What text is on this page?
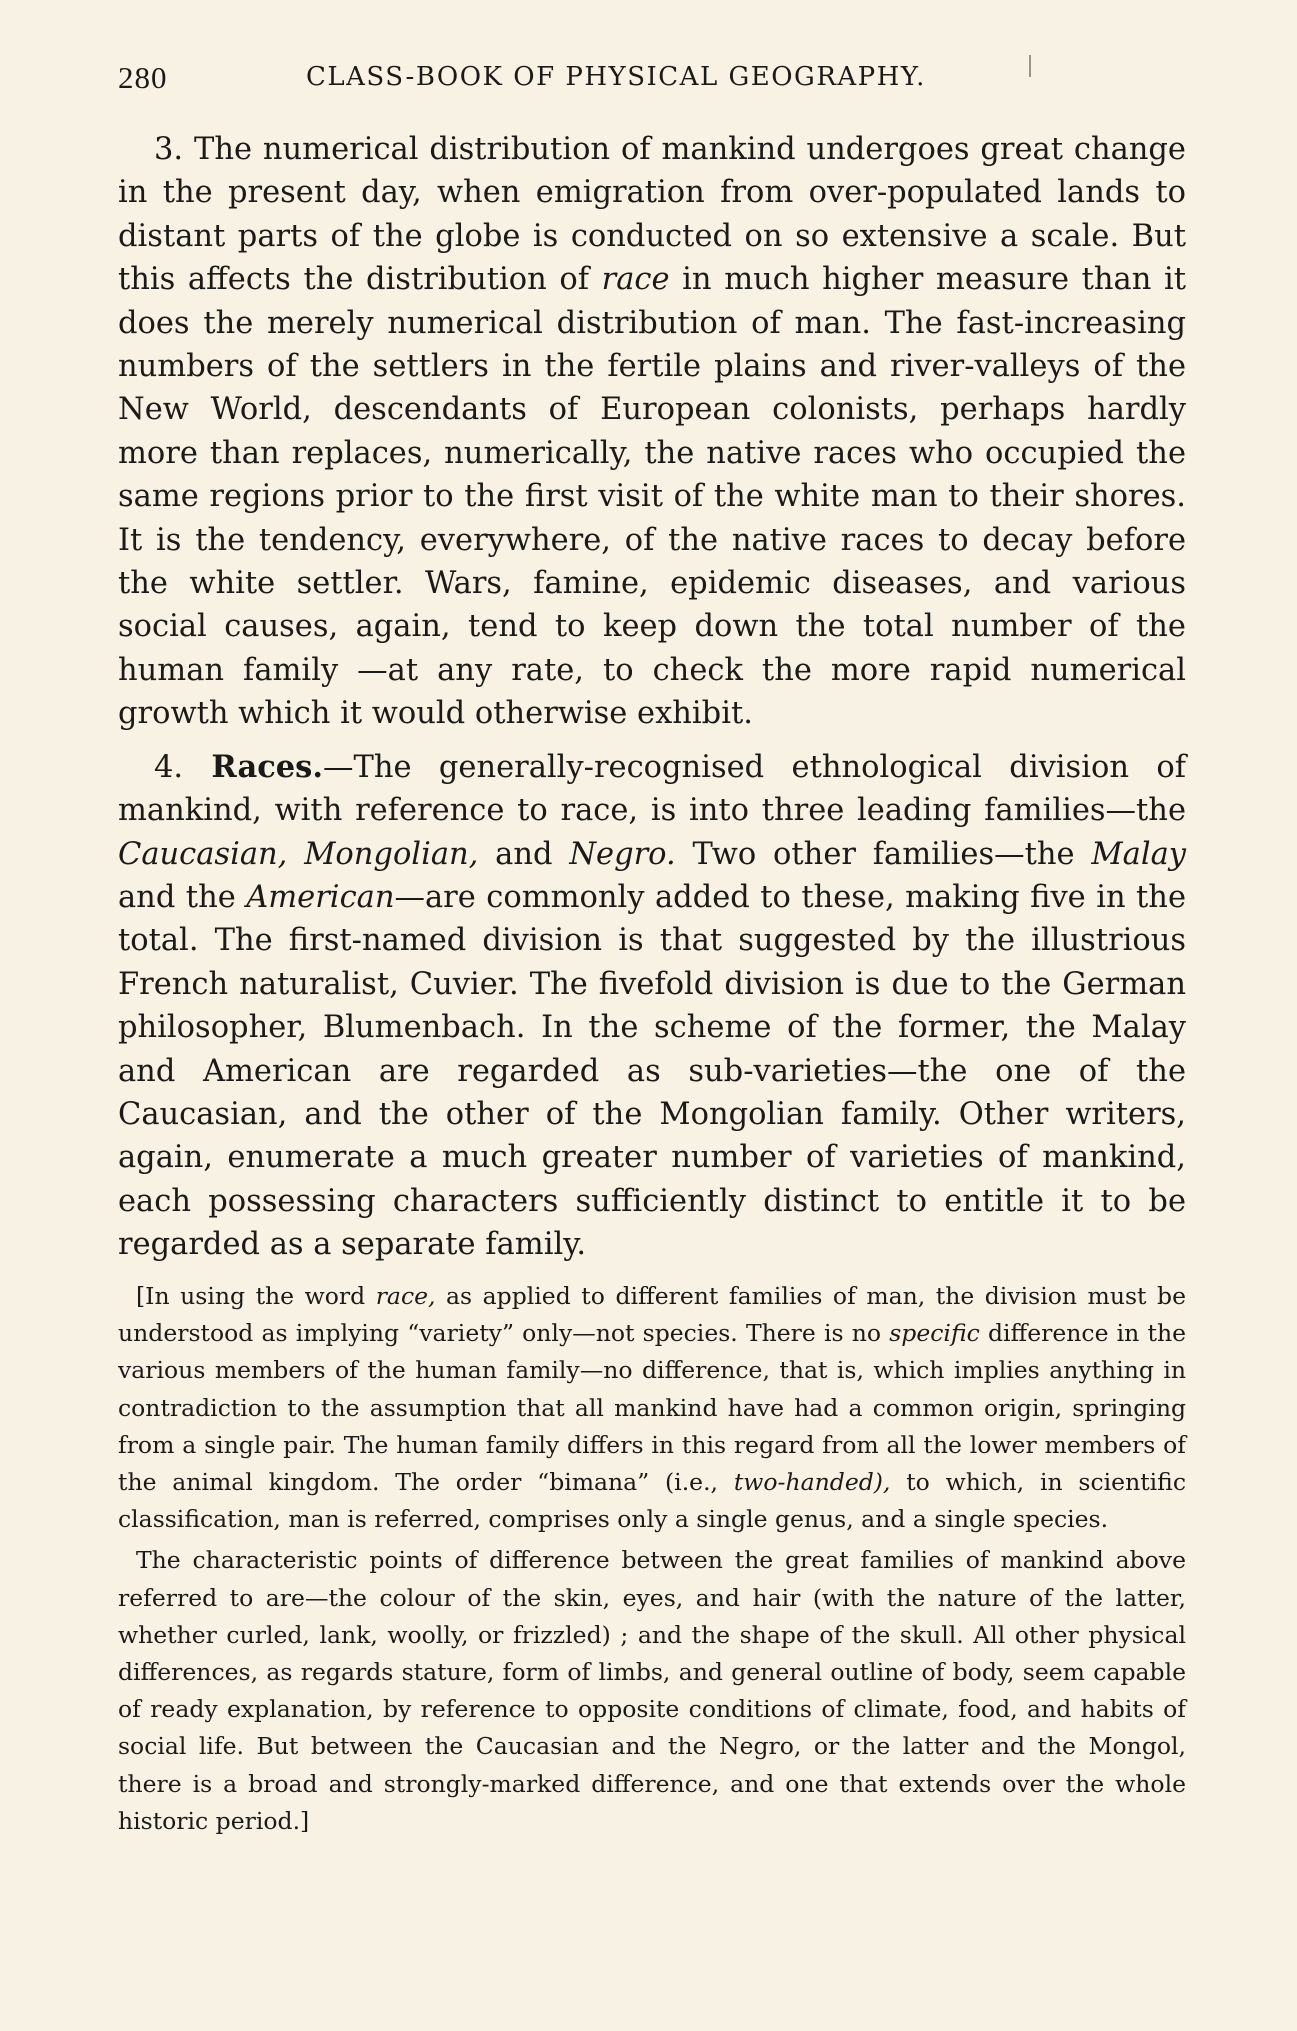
280	CLASS-BOOK OF PHYSICAL GEOGRAPHY.

3. The numerical distribution of mankind undergoes great change in the present day, when emigration from over-populated lands to distant parts of the globe is conducted on so extensive a scale. But this affects the distribution of race in much higher measure than it does the merely numerical distribution of man. The fast-increasing numbers of the settlers in the fertile plains and river-valleys of the New World, descendants of European colonists, perhaps hardly more than replaces, numerically, the native races who occupied the same regions prior to the first visit of the white man to their shores. It is the tendency, everywhere, of the native races to decay before the white settler. Wars, famine, epidemic diseases, and various social causes, again, tend to keep down the total number of the human family —at any rate, to check the more rapid numerical growth which it would otherwise exhibit.

4. Races.—The generally-recognised ethnological division of mankind, with reference to race, is into three leading families—the Caucasian, Mongolian, and Negro. Two other families—the Malay and the American—are commonly added to these, making five in the total. The first-named division is that suggested by the illustrious French naturalist, Cuvier. The fivefold division is due to the German philosopher, Blumenbach. In the scheme of the former, the Malay and American are regarded as sub-varieties—the one of the Caucasian, and the other of the Mongolian family. Other writers, again, enumerate a much greater number of varieties of mankind, each possessing characters sufficiently distinct to entitle it to be regarded as a separate family.

[In using the word race, as applied to different families of man, the division must be understood as implying “variety” only—not species. There is no specific difference in the various members of the human family—no difference, that is, which implies anything in contradiction to the assumption that all mankind have had a common origin, springing from a single pair. The human family differs in this regard from all the lower members of the animal kingdom. The order “bimana” (i.e., two-handed), to which, in scientific classification, man is referred, comprises only a single genus, and a single species.

The characteristic points of difference between the great families of mankind above referred to are—the colour of the skin, eyes, and hair (with the nature of the latter, whether curled, lank, woolly, or frizzled) ; and the shape of the skull. All other physical differences, as regards stature, form of limbs, and general outline of body, seem capable of ready explanation, by reference to opposite conditions of climate, food, and habits of social life. But between the Caucasian and the Negro, or the latter and the Mongol, there is a broad and strongly-marked difference, and one that extends over the whole historic period.]
